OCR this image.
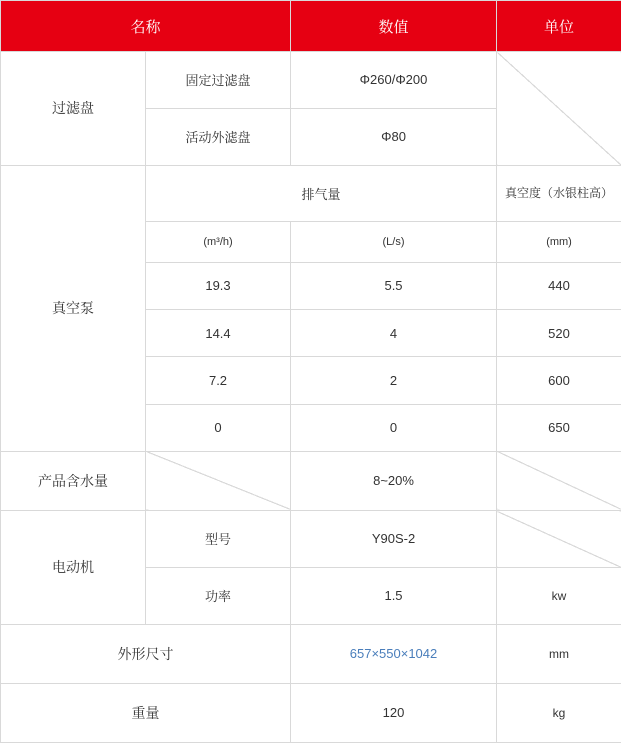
名称		数值	单位
过滤盘	固定过滤盘	Φ260/Φ200	
	活动外滤盘	Φ80	
真空泵	排气量		真空度（水银柱高）
	(m³/h)	(L/s)	(mm)
	19.3	5.5	440
	14.4	4	520
	7.2	2	600
	0	0	650
产品含水量		8~20%	
电动机	型号	Y90S-2	
	功率	1.5	kw
外形尺寸		657×550×1042	mm
重量		120	kg
